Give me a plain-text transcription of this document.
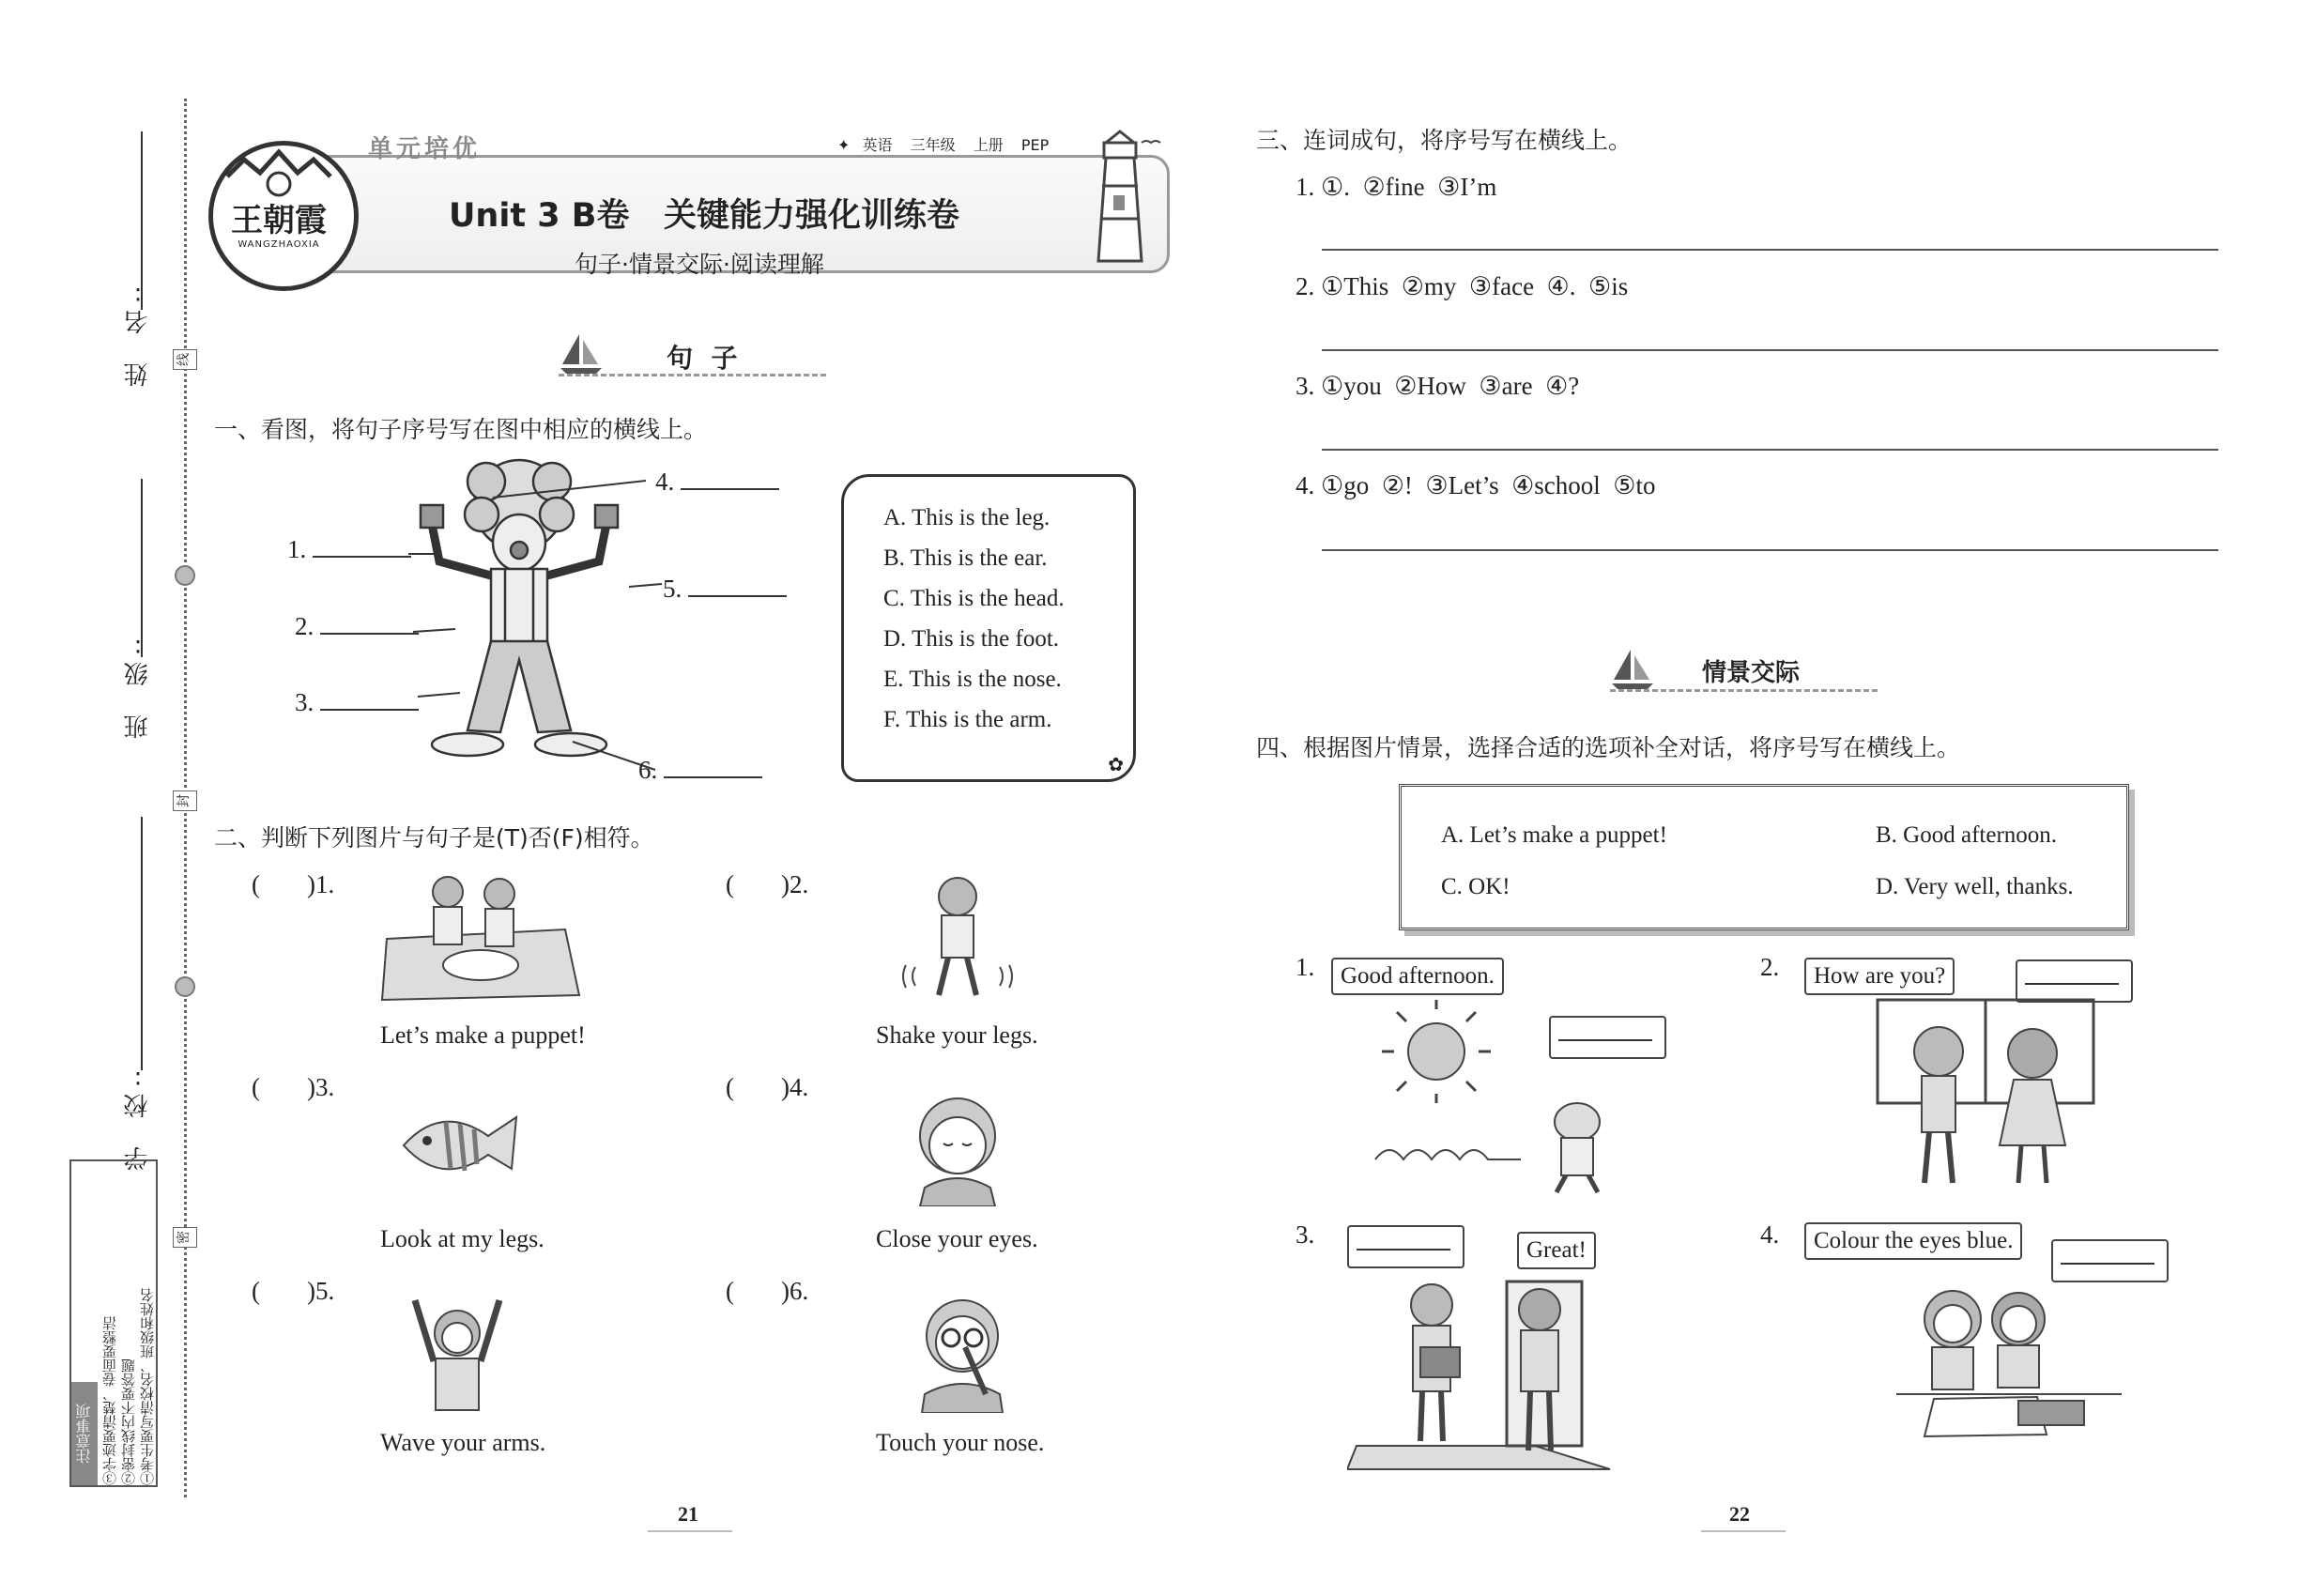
姓 名:
班 级:
学 校:
线
封
密
注意事项	①考生要写清校名、班级和姓名
②密封线内不要答题
③字迹要清楚、卷面要整洁
王朝霞
WANGZHAOXIA
单元培优	✦ 英语 三年级 上册 PEP
Unit 3 B卷   关键能力强化训练卷
句子·情景交际·阅读理解
句  子
一、看图，将句子序号写在图中相应的横线上。
1.
2.
3.
4.
5.
6.
A. This is the leg.
B. This is the ear.
C. This is the head.
D. This is the foot.
E. This is the nose.
F. This is the arm.
✿
二、判断下列图片与句子是(T)否(F)相符。
( )1.
Let’s make a puppet!
( )2.
Shake your legs.
( )3.
Look at my legs.
( )4.
Close your eyes.
( )5.
Wave your arms.
( )6.
Touch your nose.
21
三、连词成句，将序号写在横线上。
1. ①.  ②fine  ③I’m
2. ①This  ②my  ③face  ④.  ⑤is
3. ①you  ②How  ③are  ④?
4. ①go  ②!  ③Let’s  ④school  ⑤to
情景交际
四、根据图片情景，选择合适的选项补全对话，将序号写在横线上。
A. Let’s make a puppet!	B. Good afternoon.
C. OK!	D. Very well, thanks.
1.	Good afternoon.	2.	How are you?
3.
Great!
4.	Colour the eyes blue.
22
